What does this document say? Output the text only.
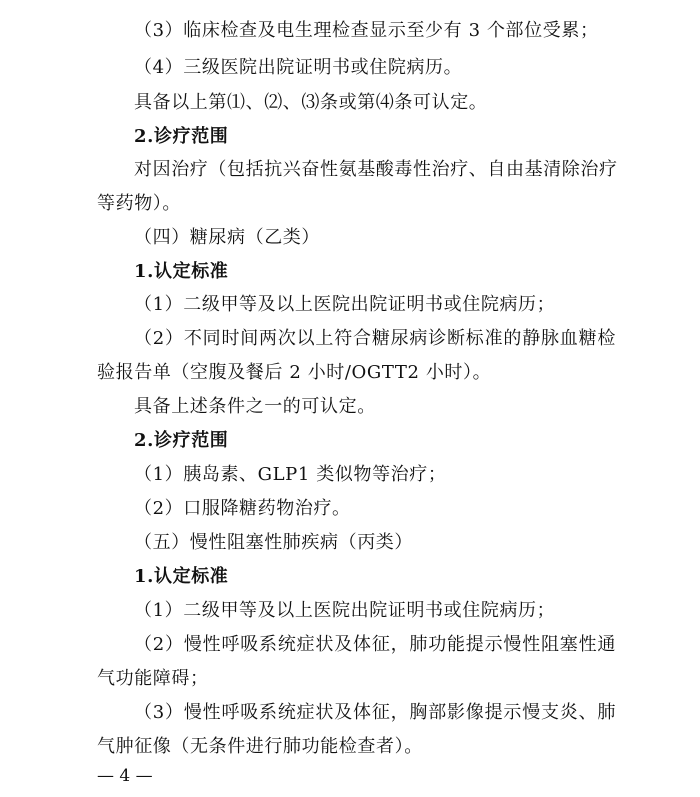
（3）临床检查及电生理检查显示至少有 3 个部位受累；
（4）三级医院出院证明书或住院病历。
具备以上第⑴、⑵、⑶条或第⑷条可认定。
2.诊疗范围
对因治疗（包括抗兴奋性氨基酸毒性治疗、自由基清除治疗
等药物）。
（四）糖尿病（乙类）
1.认定标准
（1）二级甲等及以上医院出院证明书或住院病历；
（2）不同时间两次以上符合糖尿病诊断标准的静脉血糖检
验报告单（空腹及餐后 2 小时/OGTT2 小时）。
具备上述条件之一的可认定。
2.诊疗范围
（1）胰岛素、GLP1 类似物等治疗；
（2）口服降糖药物治疗。
（五）慢性阻塞性肺疾病（丙类）
1.认定标准
（1）二级甲等及以上医院出院证明书或住院病历；
（2）慢性呼吸系统症状及体征，肺功能提示慢性阻塞性通
气功能障碍；
（3）慢性呼吸系统症状及体征，胸部影像提示慢支炎、肺
气肿征像（无条件进行肺功能检查者）。
— 4 —
